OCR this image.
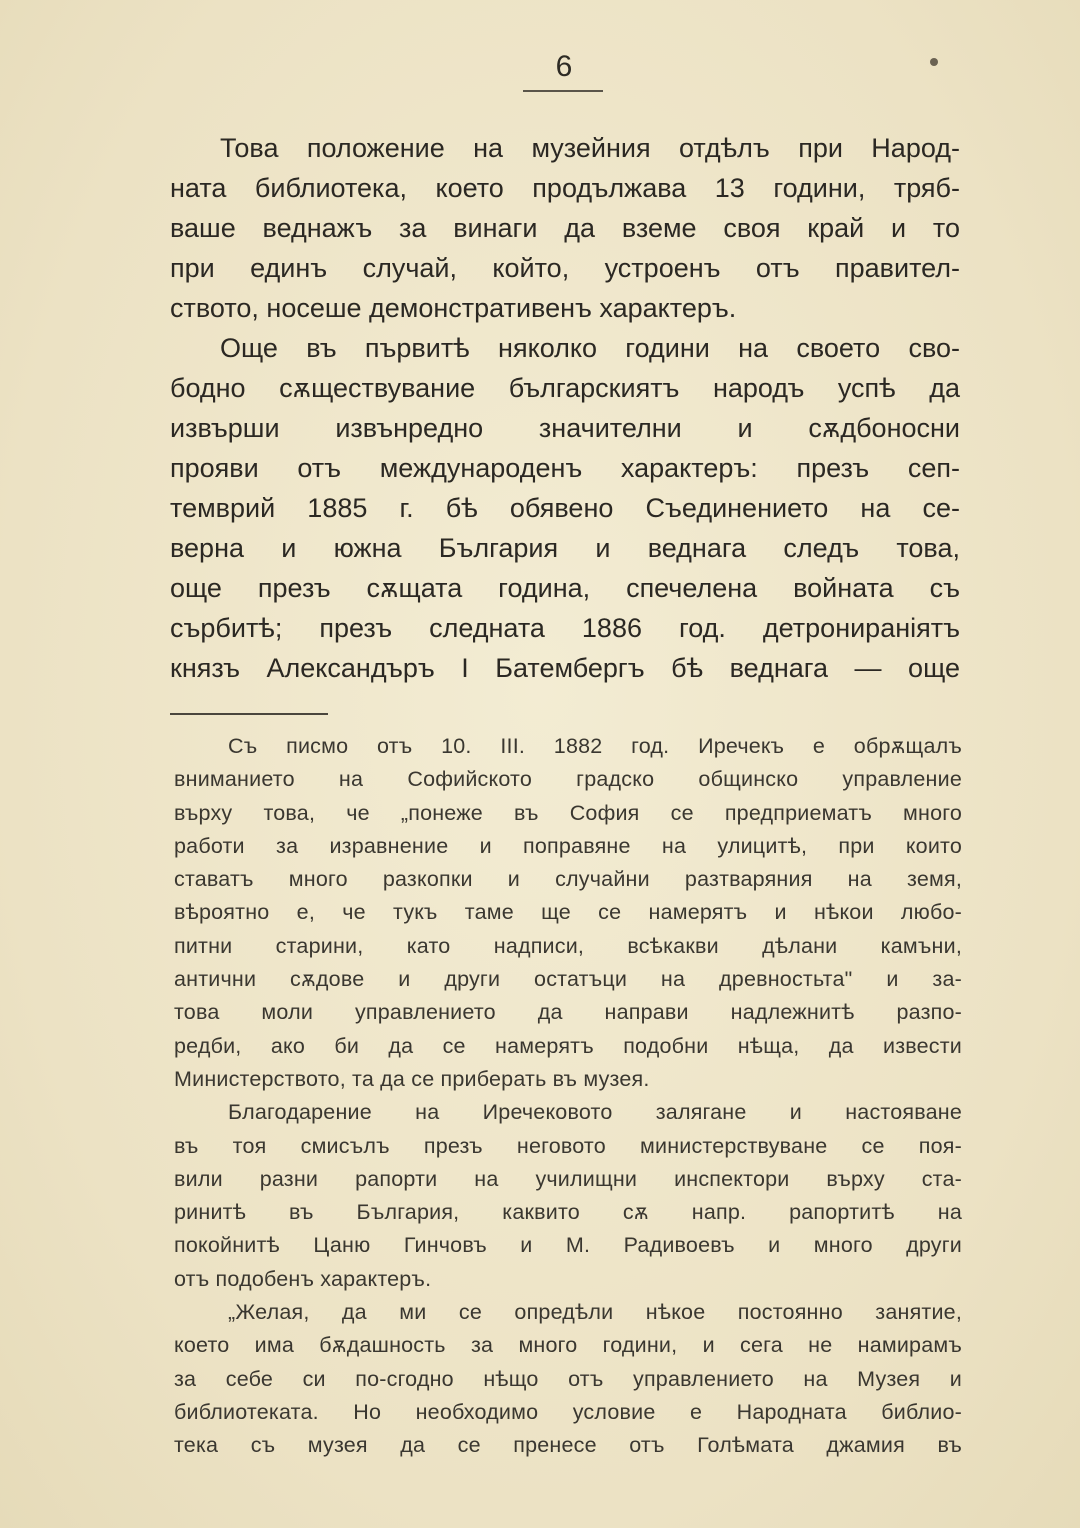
6
Това положение на музейния отдѣлъ при Народ-
ната библиотека, което продължава 13 години, тряб-
ваше веднажъ за винаги да вземе своя край и то
при единъ случай, който, устроенъ отъ правител-
ството, носеше демонстративенъ характеръ.
Още въ първитѣ няколко години на своето сво-
бодно сѫществувание българскиятъ народъ успѣ да
извърши извънредно значителни и сѫдбоносни
прояви отъ международенъ характеръ: презъ сеп-
темврий 1885 г. бѣ обявено Съединението на се-
верна и южна България и веднага следъ това,
още презъ сѫщата година, спечелена войната съ
сърбитѣ; презъ следната 1886 год. детрониранiятъ
князъ Александъръ I Батембергъ бѣ веднага — още
Съ писмо отъ 10. III. 1882 год. Иречекъ е обрѫщалъ
вниманието на Софийското градско общинско управление
върху това, че „понеже въ София се предприематъ много
работи за изравнение и поправяне на улицитѣ, при които
ставатъ много разкопки и случайни разтваряния на земя,
вѣроятно е, че тукъ таме ще се намерятъ и нѣкои любо-
питни старини, като надписи, всѣкакви дѣлани камъни,
антични сѫдове и други остатъци на древностьта" и за-
това моли управлението да направи надлежнитѣ разпо-
редби, ако би да се намерятъ подобни нѣща, да извести
Министерството, та да се приберать въ музея.
Благодарение на Иречековото залягане и настояване
въ тоя смисълъ презъ неговото министерствуване се поя-
вили разни рапорти на училищни инспектори върху ста-
ринитѣ въ България, каквито сѫ напр. рапортитѣ на
покойнитѣ Цаню Гинчовъ и М. Радивоевъ и много други
отъ подобенъ характеръ.
„Желая, да ми се опредѣли нѣкое постоянно занятие,
което има бѫдашность за много години, и сега не намирамъ
за себе си по-сгодно нѣщо отъ управлението на Музея и
библиотеката. Но необходимо условие е Народната библио-
тека съ музея да се пренесе отъ Голѣмата джамия въ
